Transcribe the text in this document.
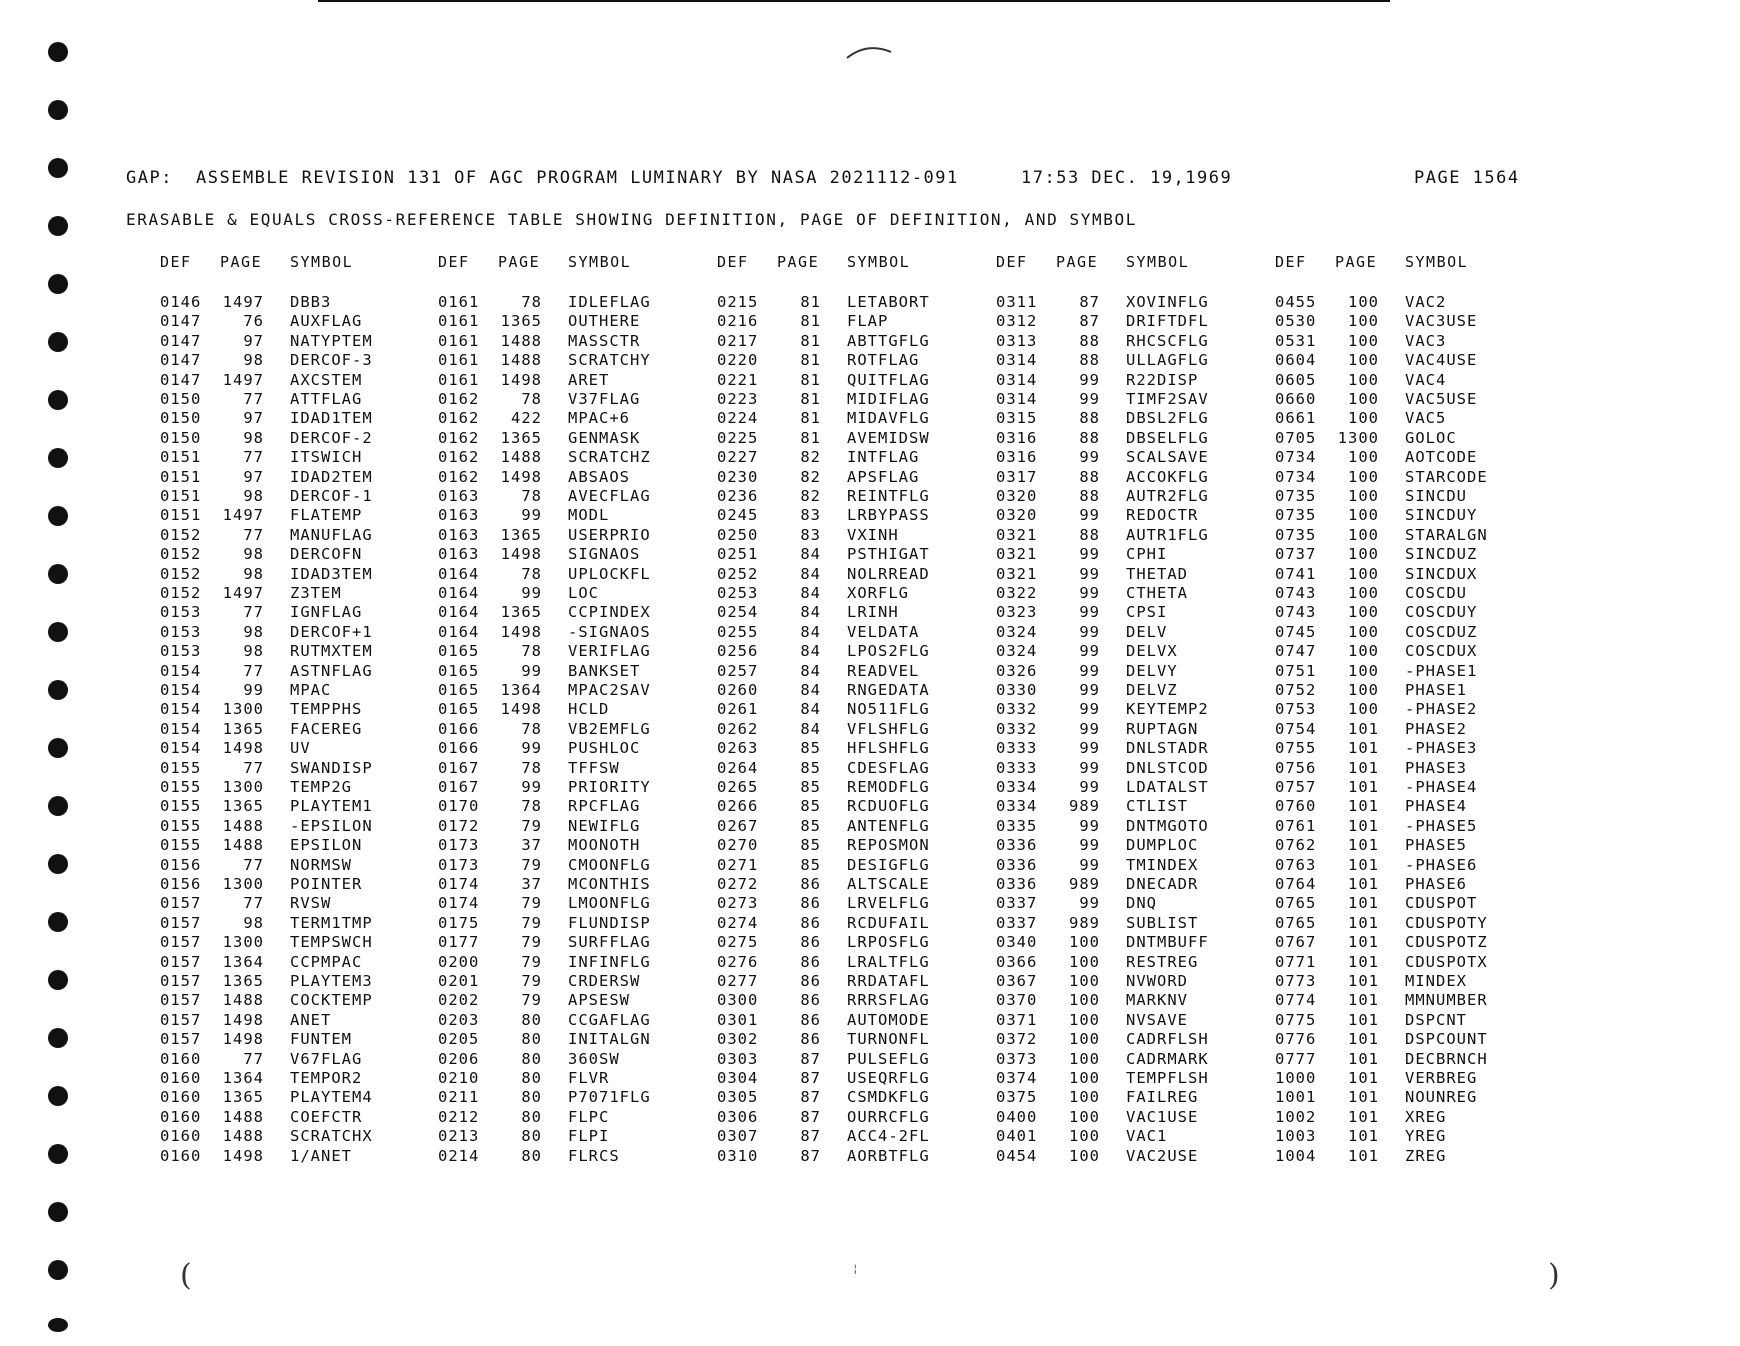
GAP:

ASSEMBLE REVISION 131 OF AGC PROGRAM LUMINARY BY NASA 2021112-091

	17:53 DEC. 19,1969

	PAGE 1564

ERASABLE & EQUALS CROSS-REFERENCE TABLE SHOWING DEFINITION, PAGE OF DEFINITION, AND SYMBOL
DEF PAGE SYMBOL
0146	1497 DBB3
0147	76 AUXFLAG
0147	97 NATYPTEM
0147	98 DERCOF-3
0147	1497 AXCSTEM
0150	77 ATTFLAG
0150	97 IDAD1TEM
0150	98 DERCOF-2
0151	77 ITSWICH
0151	97 IDAD2TEM
0151	98 DERCOF-1
0151	1497 FLATEMP
0152	77 MANUFLAG
0152	98 DERCOFN
0152	98 IDAD3TEM
0152	1497 Z3TEM
0153	77 IGNFLAG
0153	98 DERCOF+1
0153	98 RUTMXTEM
0154	77 ASTNFLAG
0154	99 MPAC
0154	1300 TEMPPHS
0154	1365 FACEREG
0154	1498 UV
0155	77 SWANDISP
0155	1300 TEMP2G
0155	1365 PLAYTEM1
0155	1488 -EPSILON
0155	1488 EPSILON
0156	77 NORMSW
0156	1300 POINTER
0157	77 RVSW
0157	98 TERM1TMP
0157	1300 TEMPSWCH
0157	1364 CCPMPAC
0157	1365 PLAYTEM3
0157	1488 COCKTEMP
0157	1498 ANET
0157	1498 FUNTEM
0160	77 V67FLAG
0160	1364 TEMPOR2
0160	1365 PLAYTEM4
0160	1488 COEFCTR
0160	1488 SCRATCHX
0160	1498 1/ANET
DEF PAGE SYMBOL
0161	78 IDLEFLAG
0161	1365 OUTHERE
0161	1488 MASSCTR
0161	1488 SCRATCHY
0161	1498 ARET
0162	78 V37FLAG
0162	422 MPAC+6
0162	1365 GENMASK
0162	1488 SCRATCHZ
0162	1498 ABSAOS
0163	78 AVECFLAG
0163	99 MODL
0163	1365 USERPRIO
0163	1498 SIGNAOS
0164	78 UPLOCKFL
0164	99 LOC
0164	1365 CCPINDEX
0164	1498 -SIGNAOS
0165	78 VERIFLAG
0165	99 BANKSET
0165	1364 MPAC2SAV
0165	1498 HCLD
0166	78 VB2EMFLG
0166	99 PUSHLOC
0167	78 TFFSW
0167	99 PRIORITY
0170	78 RPCFLAG
0172	79 NEWIFLG
0173	37 MOONOTH
0173	79 CMOONFLG
0174	37 MCONTHIS
0174	79 LMOONFLG
0175	79 FLUNDISP
0177	79 SURFFLAG
0200	79 INFINFLG
0201	79 CRDERSW
0202	79 APSESW
0203	80 CCGAFLAG
0205	80 INITALGN
0206	80 360SW
0210	80 FLVR
0211	80 P7071FLG
0212	80 FLPC
0213	80 FLPI
0214	80 FLRCS
DEF PAGE SYMBOL
0215	81 LETABORT
0216	81 FLAP
0217	81 ABTTGFLG
0220	81 ROTFLAG
0221	81 QUITFLAG
0223	81 MIDIFLAG
0224	81 MIDAVFLG
0225	81 AVEMIDSW
0227	82 INTFLAG
0230	82 APSFLAG
0236	82 REINTFLG
0245	83 LRBYPASS
0250	83 VXINH
0251	84 PSTHIGAT
0252	84 NOLRREAD
0253	84 XORFLG
0254	84 LRINH
0255	84 VELDATA
0256	84 LPOS2FLG
0257	84 READVEL
0260	84 RNGEDATA
0261	84 NO511FLG
0262	84 VFLSHFLG
0263	85 HFLSHFLG
0264	85 CDESFLAG
0265	85 REMODFLG
0266	85 RCDUOFLG
0267	85 ANTENFLG
0270	85 REPOSMON
0271	85 DESIGFLG
0272	86 ALTSCALE
0273	86 LRVELFLG
0274	86 RCDUFAIL
0275	86 LRPOSFLG
0276	86 LRALTFLG
0277	86 RRDATAFL
0300	86 RRRSFLAG
0301	86 AUTOMODE
0302	86 TURNONFL
0303	87 PULSEFLG
0304	87 USEQRFLG
0305	87 CSMDKFLG
0306	87 OURRCFLG
0307	87 ACC4-2FL
0310	87 AORBTFLG
DEF PAGE SYMBOL
0311	87 XOVINFLG
0312	87 DRIFTDFL
0313	88 RHCSCFLG
0314	88 ULLAGFLG
0314	99 R22DISP
0314	99 TIMF2SAV
0315	88 DBSL2FLG
0316	88 DBSELFLG
0316	99 SCALSAVE
0317	88 ACCOKFLG
0320	88 AUTR2FLG
0320	99 REDOCTR
0321	88 AUTR1FLG
0321	99 CPHI
0321	99 THETAD
0322	99 CTHETA
0323	99 CPSI
0324	99 DELV
0324	99 DELVX
0326	99 DELVY
0330	99 DELVZ
0332	99 KEYTEMP2
0332	99 RUPTAGN
0333	99 DNLSTADR
0333	99 DNLSTCOD
0334	99 LDATALST
0334	989 CTLIST
0335	99 DNTMGOTO
0336	99 DUMPLOC
0336	99 TMINDEX
0336	989 DNECADR
0337	99 DNQ
0337	989 SUBLIST
0340	100 DNTMBUFF
0366	100 RESTREG
0367	100 NVWORD
0370	100 MARKNV
0371	100 NVSAVE
0372	100 CADRFLSH
0373	100 CADRMARK
0374	100 TEMPFLSH
0375	100 FAILREG
0400	100 VAC1USE
0401	100 VAC1
0454	100 VAC2USE
DEF PAGE SYMBOL
0455	100 VAC2
0530	100 VAC3USE
0531	100 VAC3
0604	100 VAC4USE
0605	100 VAC4
0660	100 VAC5USE
0661	100 VAC5
0705	1300 GOLOC
0734	100 AOTCODE
0734	100 STARCODE
0735	100 SINCDU
0735	100 SINCDUY
0735	100 STARALGN
0737	100 SINCDUZ
0741	100 SINCDUX
0743	100 COSCDU
0743	100 COSCDUY
0745	100 COSCDUZ
0747	100 COSCDUX
0751	100 -PHASE1
0752	100 PHASE1
0753	100 -PHASE2
0754	101 PHASE2
0755	101 -PHASE3
0756	101 PHASE3
0757	101 -PHASE4
0760	101 PHASE4
0761	101 -PHASE5
0762	101 PHASE5
0763	101 -PHASE6
0764	101 PHASE6
0765	101 CDUSPOT
0765	101 CDUSPOTY
0767	101 CDUSPOTZ
0771	101 CDUSPOTX
0773	101 MINDEX
0774	101 MMNUMBER
0775	101 DSPCNT
0776	101 DSPCOUNT
0777	101 DECBRNCH
1000	101 VERBREG
1001	101 NOUNREG
1002	101 XREG
1003	101 YREG
1004	101 ZREG
(	)
¦
